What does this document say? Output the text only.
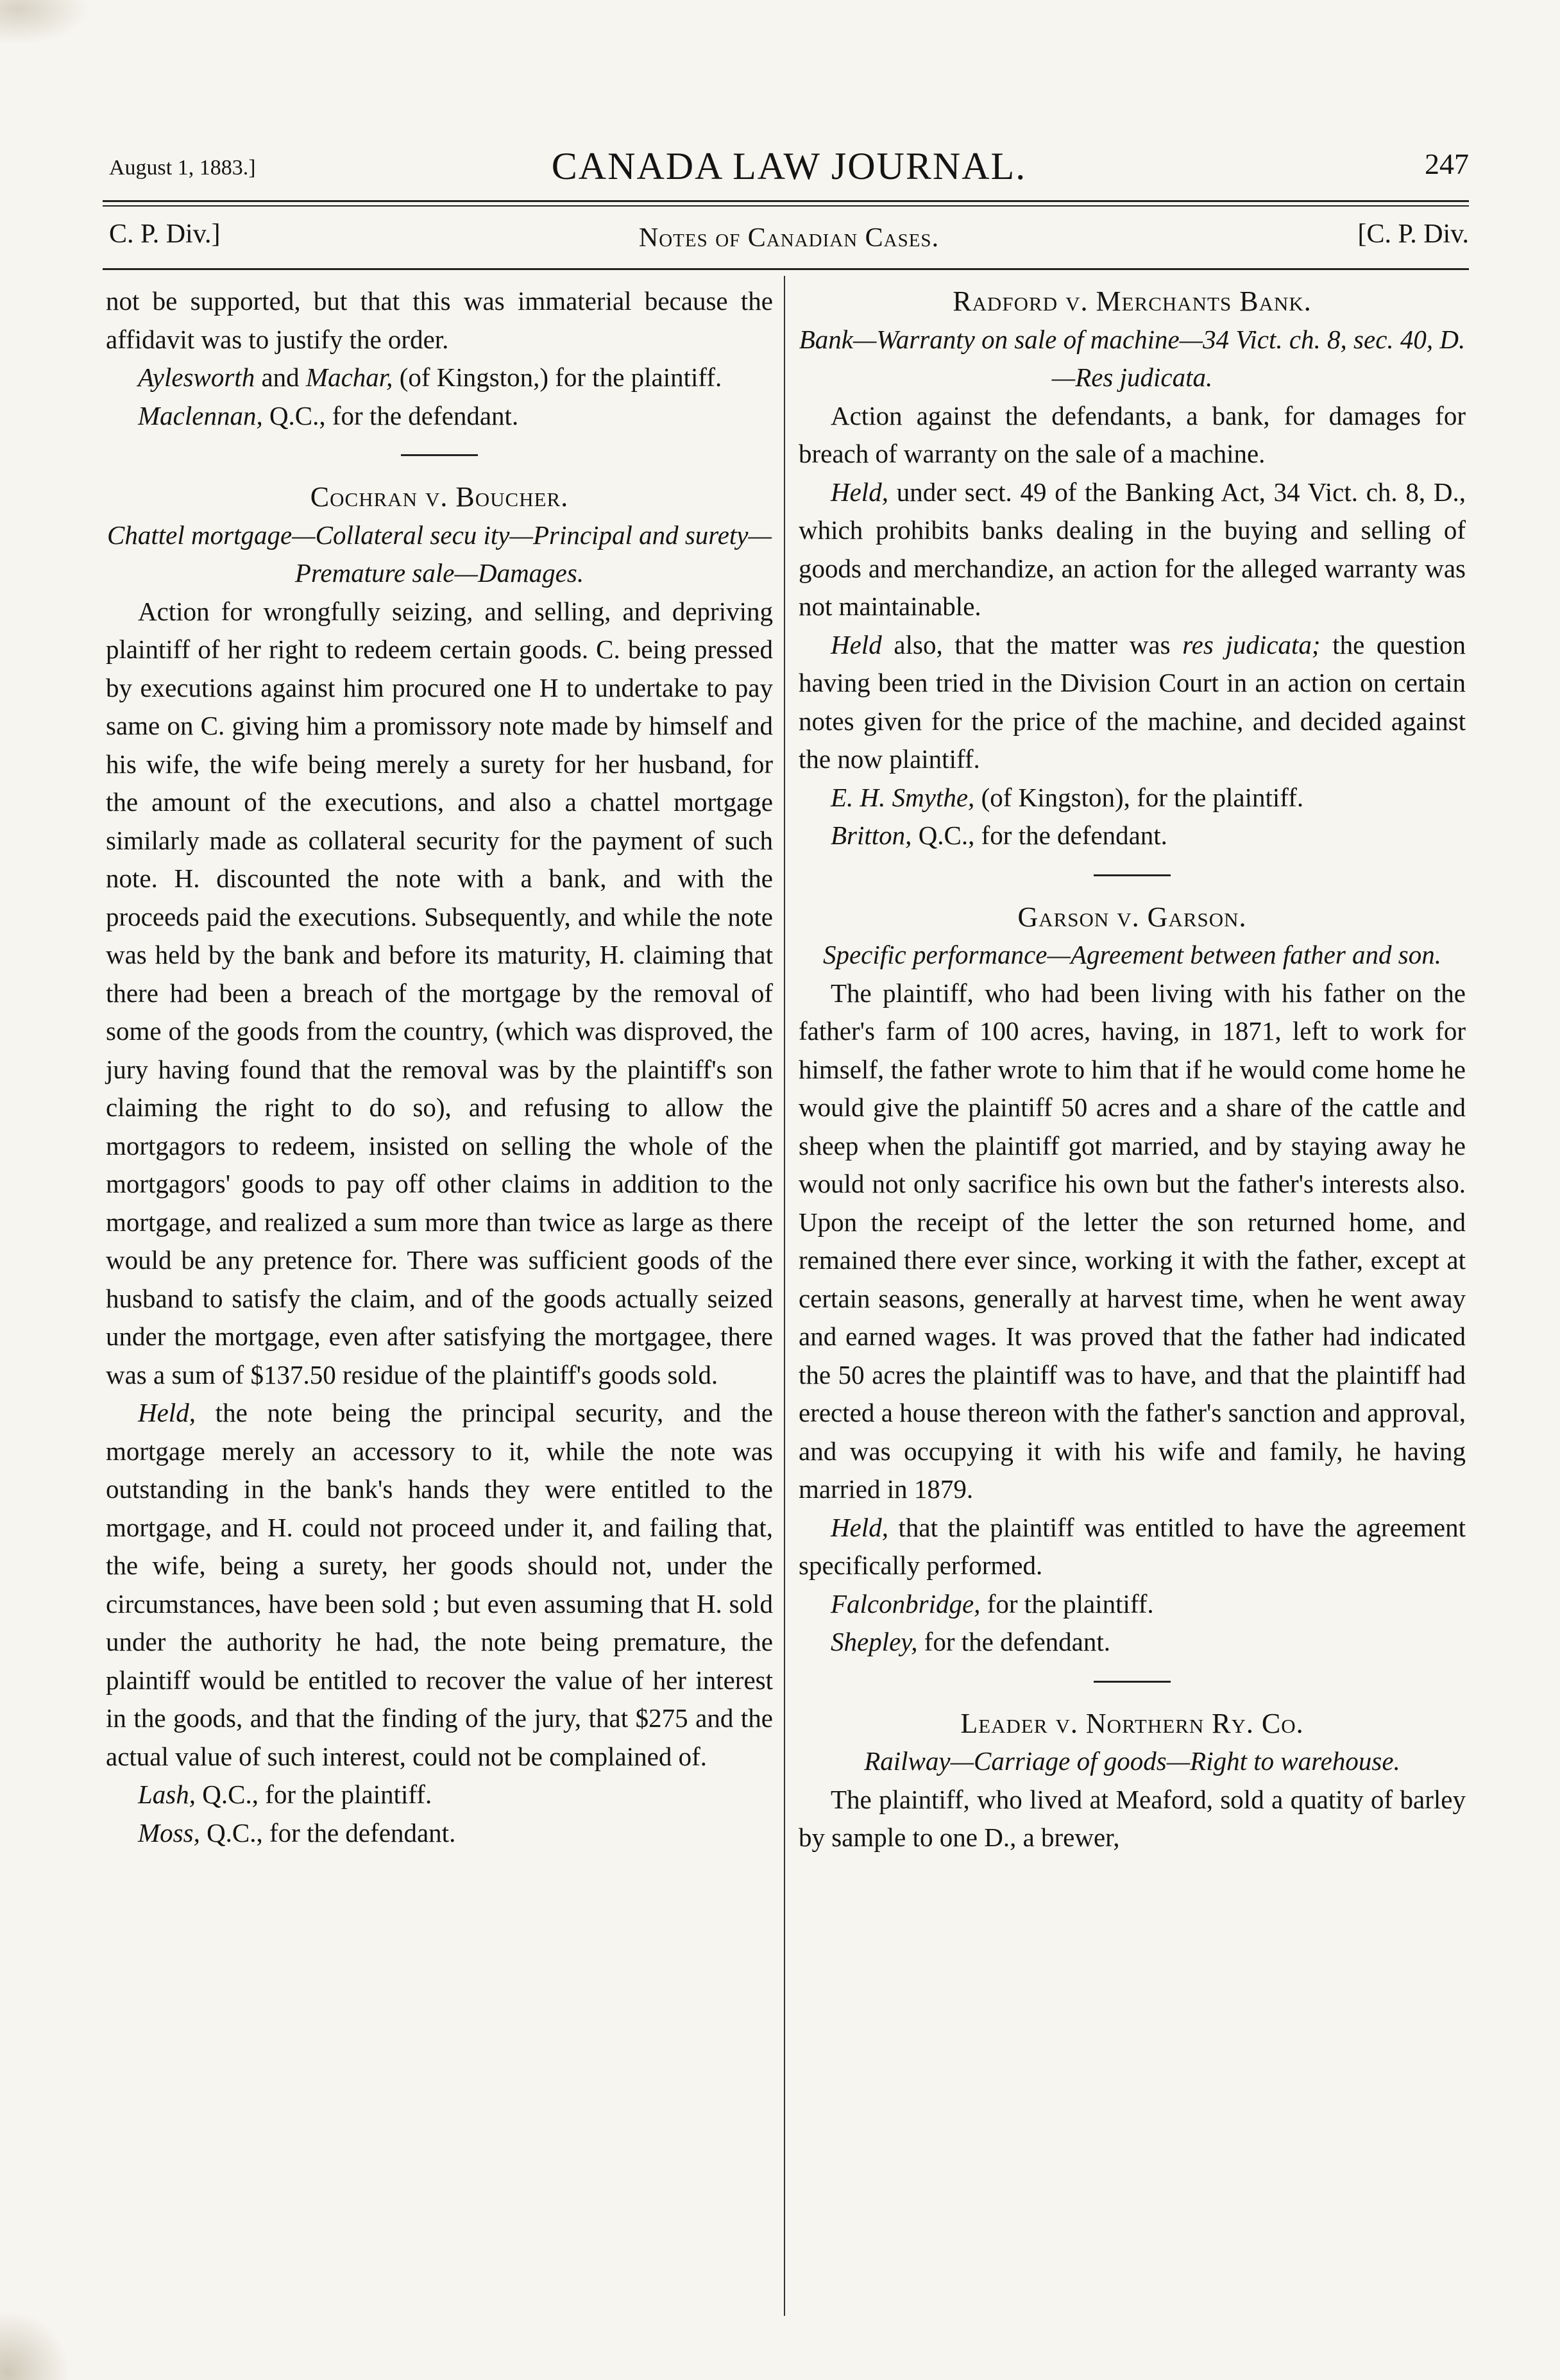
August 1, 1883.]	CANADA LAW JOURNAL.	247
C. P. Div.]	Notes of Canadian Cases.	[C. P. Div.

not be supported, but that this was immaterial because the affidavit was to justify the order.

Aylesworth and Machar, (of Kingston,) for the plaintiff.

Maclennan, Q.C., for the defendant.

Cochran v. Boucher.

Chattel mortgage—Collateral secu ity—Principal and surety—Premature sale—Damages.

Action for wrongfully seizing, and selling, and depriving plaintiff of her right to redeem certain goods. C. being pressed by executions against him procured one H to undertake to pay same on C. giving him a promissory note made by himself and his wife, the wife being merely a surety for her husband, for the amount of the executions, and also a chattel mortgage similarly made as collateral security for the payment of such note. H. discounted the note with a bank, and with the proceeds paid the executions. Subsequently, and while the note was held by the bank and before its maturity, H. claiming that there had been a breach of the mortgage by the removal of some of the goods from the country, (which was disproved, the jury having found that the removal was by the plaintiff's son claiming the right to do so), and refusing to allow the mortgagors to redeem, insisted on selling the whole of the mortgagors' goods to pay off other claims in addition to the mortgage, and realized a sum more than twice as large as there would be any pretence for. There was sufficient goods of the husband to satisfy the claim, and of the goods actually seized under the mortgage, even after satisfying the mortgagee, there was a sum of $137.50 residue of the plaintiff's goods sold.

Held, the note being the principal security, and the mortgage merely an accessory to it, while the note was outstanding in the bank's hands they were entitled to the mortgage, and H. could not proceed under it, and failing that, the wife, being a surety, her goods should not, under the circumstances, have been sold ; but even assuming that H. sold under the authority he had, the note being premature, the plaintiff would be entitled to recover the value of her interest in the goods, and that the finding of the jury, that $275 and the actual value of such interest, could not be complained of.

Lash, Q.C., for the plaintiff.

Moss, Q.C., for the defendant.

Radford v. Merchants Bank.

Bank—Warranty on sale of machine—34 Vict. ch. 8, sec. 40, D.—Res judicata.

Action against the defendants, a bank, for damages for breach of warranty on the sale of a machine.

Held, under sect. 49 of the Banking Act, 34 Vict. ch. 8, D., which prohibits banks dealing in the buying and selling of goods and merchandize, an action for the alleged warranty was not maintainable.

Held also, that the matter was res judicata; the question having been tried in the Division Court in an action on certain notes given for the price of the machine, and decided against the now plaintiff.

E. H. Smythe, (of Kingston), for the plaintiff.

Britton, Q.C., for the defendant.

Garson v. Garson.

Specific performance—Agreement between father and son.

The plaintiff, who had been living with his father on the father's farm of 100 acres, having, in 1871, left to work for himself, the father wrote to him that if he would come home he would give the plaintiff 50 acres and a share of the cattle and sheep when the plaintiff got married, and by staying away he would not only sacrifice his own but the father's interests also. Upon the receipt of the letter the son returned home, and remained there ever since, working it with the father, except at certain seasons, generally at harvest time, when he went away and earned wages. It was proved that the father had indicated the 50 acres the plaintiff was to have, and that the plaintiff had erected a house thereon with the father's sanction and approval, and was occupying it with his wife and family, he having married in 1879.

Held, that the plaintiff was entitled to have the agreement specifically performed.

Falconbridge, for the plaintiff.

Shepley, for the defendant.

Leader v. Northern Ry. Co.

Railway—Carriage of goods—Right to warehouse.

The plaintiff, who lived at Meaford, sold a quatity of barley by sample to one D., a brewer,
